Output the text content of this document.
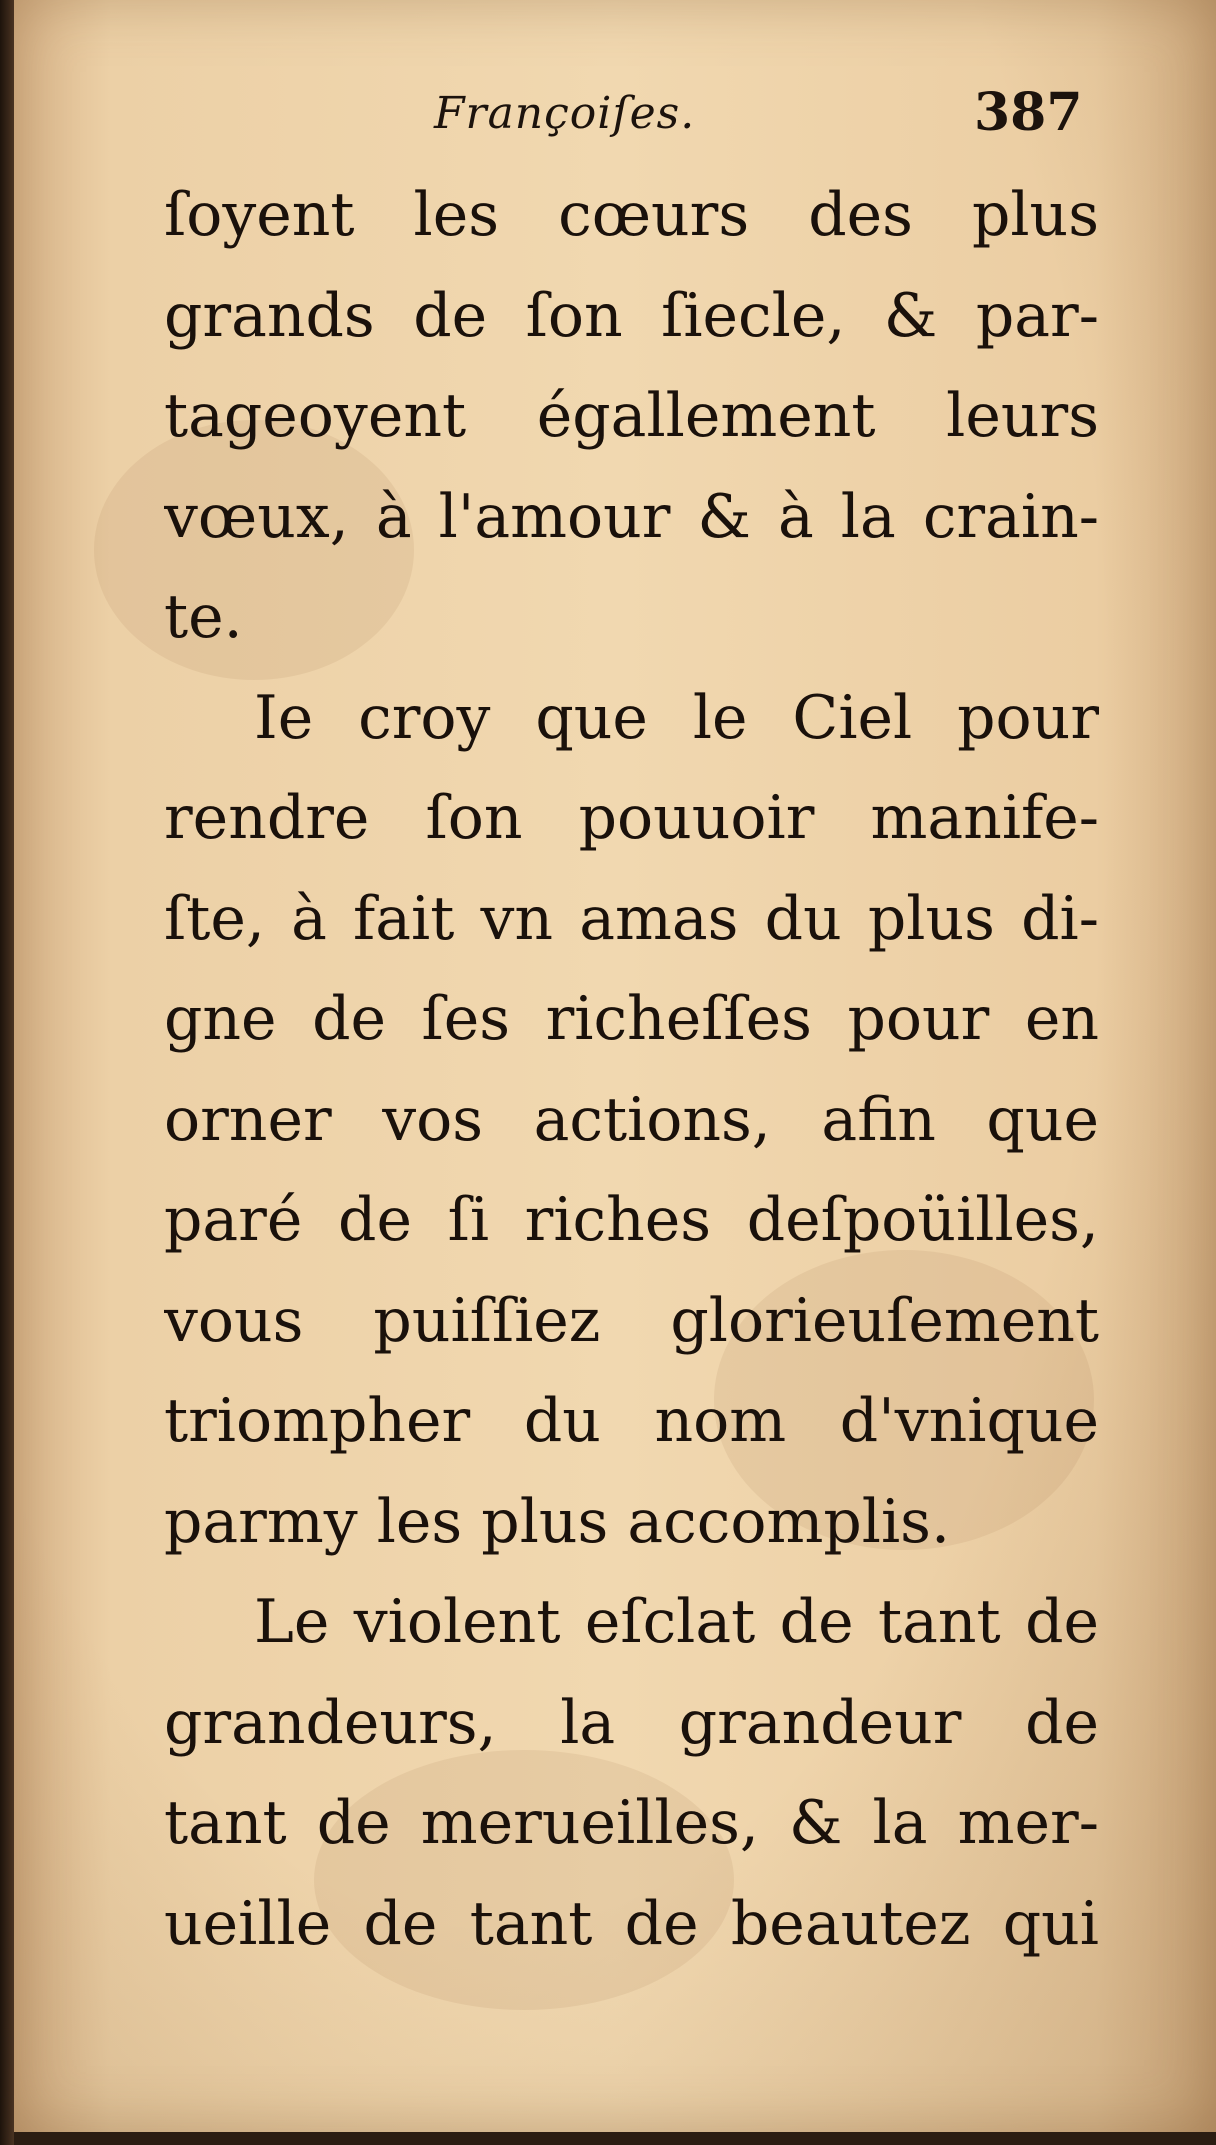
Françoiſes.	387
ſoyent les cœurs des plus
grands de ſon ſiecle, & par-
tageoyent égallement leurs
vœux, à l'amour & à la crain-
te.
Ie croy que le Ciel pour
rendre ſon pouuoir manife-
ſte, à fait vn amas du plus di-
gne de ſes richeſſes pour en
orner vos actions, afin que
paré de ſi riches deſpoüilles,
vous puiſſiez glorieuſement
triompher du nom d'vnique
parmy les plus accomplis.
Le violent eſclat de tant de
grandeurs, la grandeur de
tant de merueilles, & la mer-
ueille de tant de beautez qui
